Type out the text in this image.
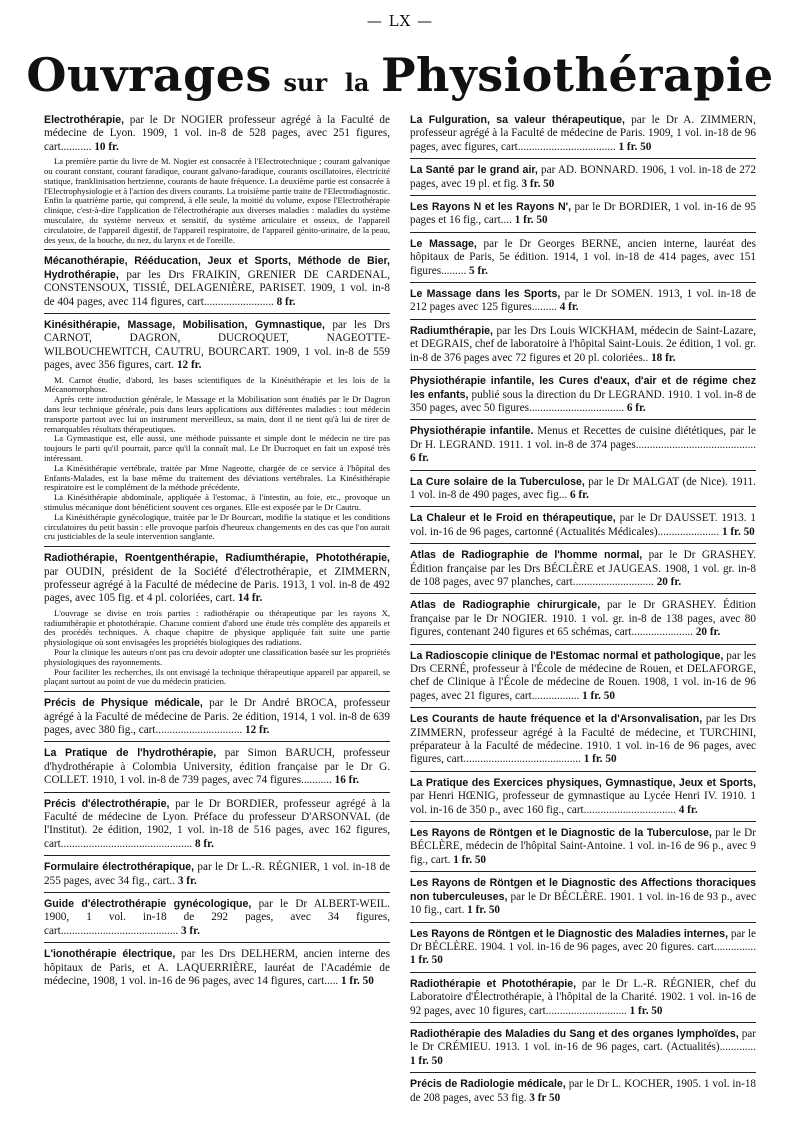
— LX —
Ouvrages sur la Physiothérapie

Electrothérapie, par le Dr NOGIER professeur agrégé à la Faculté de médecine de Lyon. 1909, 1 vol. in-8 de 528 pages, avec 251 figures, cart........... 10 fr.

La première partie du livre de M. Nogier est consacrée à l'Electrotechnique ; courant galvanique ou courant constant, courant faradique, courant galvano-faradique, courants oscillatoires, électricité statique, franklinisation hertzienne, courants de haute fréquence. La deuxième partie est consacrée à l'Electrophysiologie et à l'action des divers courants. La troisième partie traite de l'Electrodiagnostic. Enfin la quatrième partie, qui comprend, à elle seule, la moitié du volume, expose l'Electrothérapie clinique, c'est-à-dire l'application de l'électrothérapie aux diverses maladies : maladies du système musculaire, du système nerveux et sensitif, du système articulaire et osseux, de l'appareil circulatoire, de l'appareil digestif, de l'appareil respiratoire, de l'appareil génito-urinaire, de la peau, des yeux, de la bouche, du nez, du larynx et de l'oreille.

Mécanothérapie, Rééducation, Jeux et Sports, Méthode de Bier, Hydrothérapie, par les Drs FRAIKIN, GRENIER DE CARDENAL, CONSTENSOUX, TISSIÉ, DELAGENIÈRE, PARISET. 1909, 1 vol. in-8 de 404 pages, avec 114 figures, cart......................... 8 fr.

Kinésithérapie, Massage, Mobilisation, Gymnastique, par les Drs CARNOT, DAGRON, DUCROQUET, NAGEOTTE-WILBOUCHEWITCH, CAUTRU, BOURCART. 1909, 1 vol. in-8 de 559 pages, avec 356 figures, cart. 12 fr.

M. Carnot étudie, d'abord, les bases scientifiques de la Kinésithérapie et les lois de la Mécanomorphose.

Après cette introduction générale, le Massage et la Mobilisation sont étudiés par le Dr Dagron dans leur technique générale, puis dans leurs applications aux différentes maladies : tout médecin transporte partout avec lui un instrument merveilleux, sa main, dont il ne tient qu'à lui de tirer de remarquables résultats thérapeutiques.

La Gymnastique est, elle aussi, une méthode puissante et simple dont le médecin ne tire pas toujours le parti qu'il pourrait, parce qu'il la connaît mal. Le Dr Ducroquet en fait un exposé très intéressant.

La Kinésithérapie vertébrale, traitée par Mme Nageotte, chargée de ce service à l'hôpital des Enfants-Malades, est la base même du traitement des déviations vertébrales. La Kinésithérapie respiratoire est le complément de la méthode précédente.

La Kinésithérapie abdominale, appliquée à l'estomac, à l'intestin, au foie, etc., provoque un stimulus mécanique dont bénéficient souvent ces organes. Elle est exposée par le Dr Cautru.

La Kinésithérapie gynécologique, traitée par le Dr Bourcart, modifie la statique et les conditions circulatoires du petit bassin : elle provoque parfois d'heureux changements en des cas que l'on aurait cru justiciables de la seule intervention sanglante.

Radiothérapie, Roentgenthérapie, Radiumthérapie, Photothérapie, par OUDIN, président de la Société d'électrothérapie, et ZIMMERN, professeur agrégé à la Faculté de médecine de Paris. 1913, 1 vol. in-8 de 492 pages, avec 105 fig. et 4 pl. coloriées, cart. 14 fr.

L'ouvrage se divise en trois parties : radiothérapie ou thérapeutique par les rayons X, radiumthérapie et photothérapie. Chacune contient d'abord une étude très complète des appareils et des procédés techniques. A chaque chapitre de physique appliquée fait suite une partie physiologique où sont envisagées les propriétés biologiques des radiations.

Pour la clinique les auteurs n'ont pas cru devoir adopter une classification basée sur les propriétés physiologiques des rayonnements.

Pour faciliter les recherches, ils ont envisagé la technique thérapeutique appareil par appareil, se plaçant surtout au point de vue du médecin praticien.

Précis de Physique médicale, par le Dr André BROCA, professeur agrégé à la Faculté de médecine de Paris. 2e édition, 1914, 1 vol. in-8 de 639 pages, avec 380 fig., cart............................... 12 fr.

La Pratique de l'hydrothérapie, par Simon BARUCH, professeur d'hydrothérapie à Colombia University, édition française par le Dr G. COLLET. 1910, 1 vol. in-8 de 739 pages, avec 74 figures........... 16 fr.

Précis d'électrothérapie, par le Dr BORDIER, professeur agrégé à la Faculté de médecine de Lyon. Préface du professeur D'ARSONVAL (de l'Institut). 2e édition, 1902, 1 vol. in-18 de 516 pages, avec 162 figures, cart............................................... 8 fr.

Formulaire électrothérapique, par le Dr L.-R. RÉGNIER, 1 vol. in-18 de 255 pages, avec 34 fig., cart.. 3 fr.

Guide d'électrothérapie gynécologique, par le Dr ALBERT-WEIL. 1900, 1 vol. in-18 de 292 pages, avec 34 figures, cart.......................................... 3 fr.

L'ionothérapie électrique, par les Drs DELHERM, ancien interne des hôpitaux de Paris, et A. LAQUERRIÈRE, lauréat de l'Académie de médecine, 1908, 1 vol. in-16 de 96 pages, avec 14 figures, cart..... 1 fr. 50

La Fulguration, sa valeur thérapeutique, par le Dr A. ZIMMERN, professeur agrégé à la Faculté de médecine de Paris. 1909, 1 vol. in-18 de 96 pages, avec figures, cart................................... 1 fr. 50

La Santé par le grand air, par AD. BONNARD. 1906, 1 vol. in-18 de 272 pages, avec 19 pl. et fig. 3 fr. 50

Les Rayons N et les Rayons N', par le Dr BORDIER, 1 vol. in-16 de 95 pages et 16 fig., cart.... 1 fr. 50

Le Massage, par le Dr Georges BERNE, ancien interne, lauréat des hôpitaux de Paris, 5e édition. 1914, 1 vol. in-18 de 414 pages, avec 151 figures......... 5 fr.

Le Massage dans les Sports, par le Dr SOMEN. 1913, 1 vol. in-18 de 212 pages avec 125 figures......... 4 fr.

Radiumthérapie, par les Drs Louis WICKHAM, médecin de Saint-Lazare, et DEGRAIS, chef de laboratoire à l'hôpital Saint-Louis. 2e édition, 1 vol. gr. in-8 de 376 pages avec 72 figures et 20 pl. coloriées.. 18 fr.

Physiothérapie infantile, les Cures d'eaux, d'air et de régime chez les enfants, publié sous la direction du Dr LEGRAND. 1910. 1 vol. in-8 de 350 pages, avec 50 figures.................................. 6 fr.

Physiothérapie infantile. Menus et Recettes de cuisine diététiques, par le Dr H. LEGRAND. 1911. 1 vol. in-8 de 374 pages........................................... 6 fr.

La Cure solaire de la Tuberculose, par le Dr MALGAT (de Nice). 1911. 1 vol. in-8 de 490 pages, avec fig... 6 fr.

La Chaleur et le Froid en thérapeutique, par le Dr DAUSSET. 1913. 1 vol. in-16 de 96 pages, cartonné (Actualités Médicales)...................... 1 fr. 50

Atlas de Radiographie de l'homme normal, par le Dr GRASHEY. Édition française par les Drs BÉCLÈRE et JAUGEAS. 1908, 1 vol. gr. in-8 de 108 pages, avec 97 planches, cart............................. 20 fr.

Atlas de Radiographie chirurgicale, par le Dr GRASHEY. Édition française par le Dr NOGIER. 1910. 1 vol. gr. in-8 de 138 pages, avec 80 figures, contenant 240 figures et 65 schémas, cart...................... 20 fr.

La Radioscopie clinique de l'Estomac normal et pathologique, par les Drs CERNÉ, professeur à l'École de médecine de Rouen, et DELAFORGE, chef de Clinique à l'École de médecine de Rouen. 1908, 1 vol. in-16 de 96 pages, avec 21 figures, cart................. 1 fr. 50

Les Courants de haute fréquence et la d'Arsonvalisation, par les Drs ZIMMERN, professeur agrégé à la Faculté de médecine, et TURCHINI, préparateur à la Faculté de médecine. 1910. 1 vol. in-16 de 96 pages, avec figures, cart.......................................... 1 fr. 50

La Pratique des Exercices physiques, Gymnastique, Jeux et Sports, par Henri HŒNIG, professeur de gymnastique au Lycée Henri IV. 1910. 1 vol. in-16 de 350 p., avec 160 fig., cart................................. 4 fr.

Les Rayons de Röntgen et le Diagnostic de la Tuberculose, par le Dr BÉCLÈRE, médecin de l'hôpital Saint-Antoine. 1 vol. in-16 de 96 p., avec 9 fig., cart. 1 fr. 50

Les Rayons de Röntgen et le Diagnostic des Affections thoraciques non tuberculeuses, par le Dr BÉCLÈRE. 1901. 1 vol. in-16 de 93 p., avec 10 fig., cart. 1 fr. 50

Les Rayons de Röntgen et le Diagnostic des Maladies internes, par le Dr BÉCLÈRE. 1904. 1 vol. in-16 de 96 pages, avec 20 figures. cart............... 1 fr. 50

Radiothérapie et Photothérapie, par le Dr L.-R. RÉGNIER, chef du Laboratoire d'Électrothérapie, à l'hôpital de la Charité. 1902. 1 vol. in-16 de 92 pages, avec 10 figures, cart............................. 1 fr. 50

Radiothérapie des Maladies du Sang et des organes lymphoïdes, par le Dr CRÉMIEU. 1913. 1 vol. in-16 de 96 pages, cart. (Actualités)............. 1 fr. 50

Précis de Radiologie médicale, par le Dr L. KOCHER, 1905. 1 vol. in-18 de 208 pages, avec 53 fig. 3 fr 50
